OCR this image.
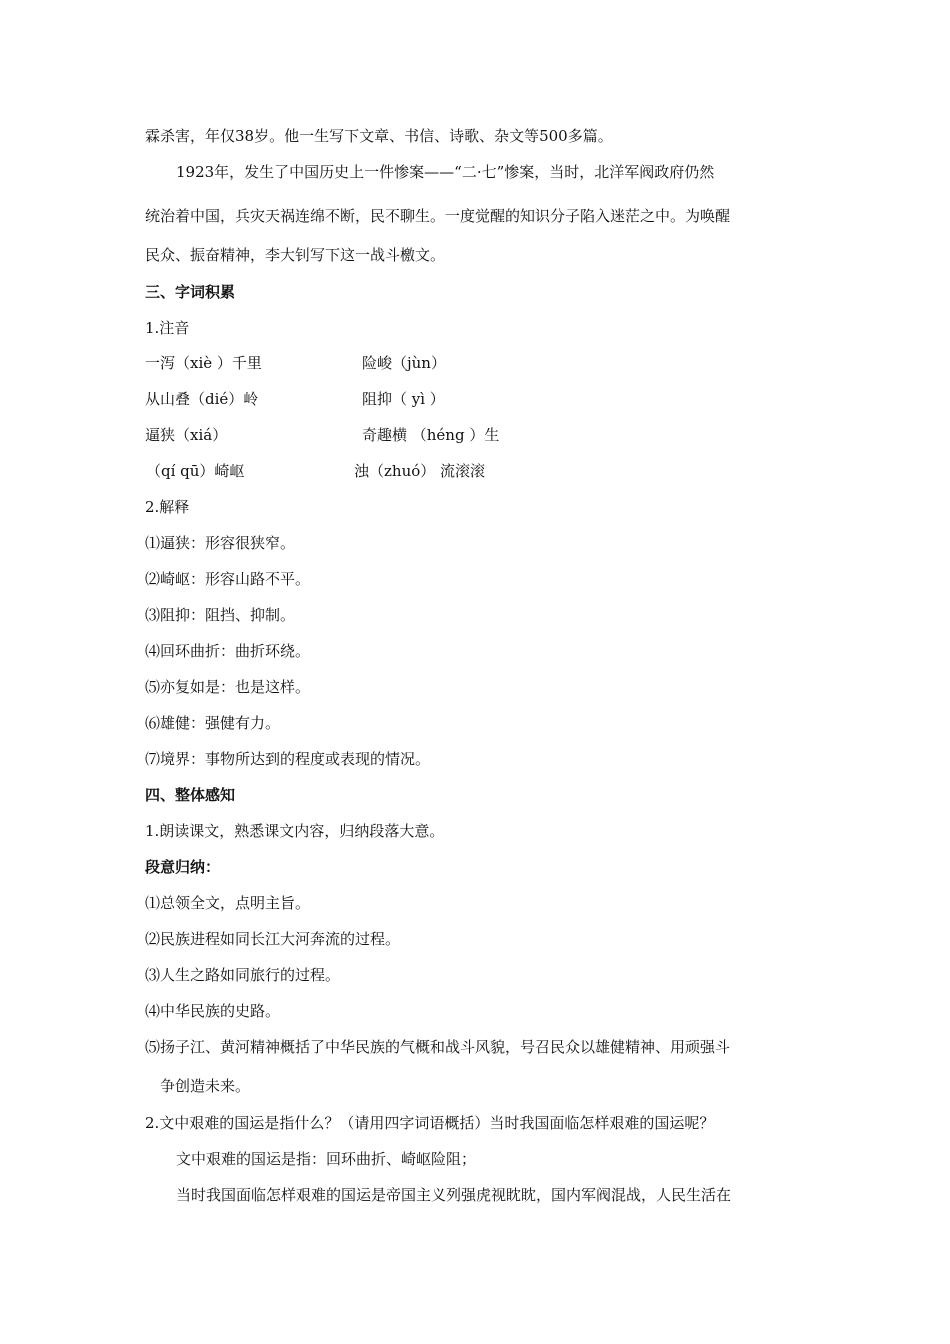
霖杀害，年仅38岁。他一生写下文章、书信、诗歌、杂文等500多篇。
1923年，发生了中国历史上一件惨案——“二·七”惨案，当时，北洋军阀政府仍然
统治着中国，兵灾天祸连绵不断，民不聊生。一度觉醒的知识分子陷入迷茫之中。为唤醒
民众、振奋精神，李大钊写下这一战斗檄文。
三、字词积累
1.注音
一泻（xiè ）千里	险峻（jùn）
从山叠（dié）岭	阻抑（ yì ）
逼狭（xiá）	奇趣横 （héng ）生
（qí qū）崎岖	浊（zhuó） 流滚滚
2.解释
⑴逼狭：形容很狭窄。
⑵崎岖：形容山路不平。
⑶阻抑：阻挡、抑制。
⑷回环曲折：曲折环绕。
⑸亦复如是：也是这样。
⑹雄健：强健有力。
⑺境界：事物所达到的程度或表现的情况。
四、整体感知
1.朗读课文，熟悉课文内容，归纳段落大意。
段意归纳：
⑴总领全文，点明主旨。
⑵民族进程如同长江大河奔流的过程。
⑶人生之路如同旅行的过程。
⑷中华民族的史路。
⑸扬子江、黄河精神概括了中华民族的气概和战斗风貌，号召民众以雄健精神、用顽强斗
争创造未来。
2.文中艰难的国运是指什么？（请用四字词语概括）当时我国面临怎样艰难的国运呢？
文中艰难的国运是指：回环曲折、崎岖险阻；
当时我国面临怎样艰难的国运是帝国主义列强虎视眈眈，国内军阀混战，人民生活在
